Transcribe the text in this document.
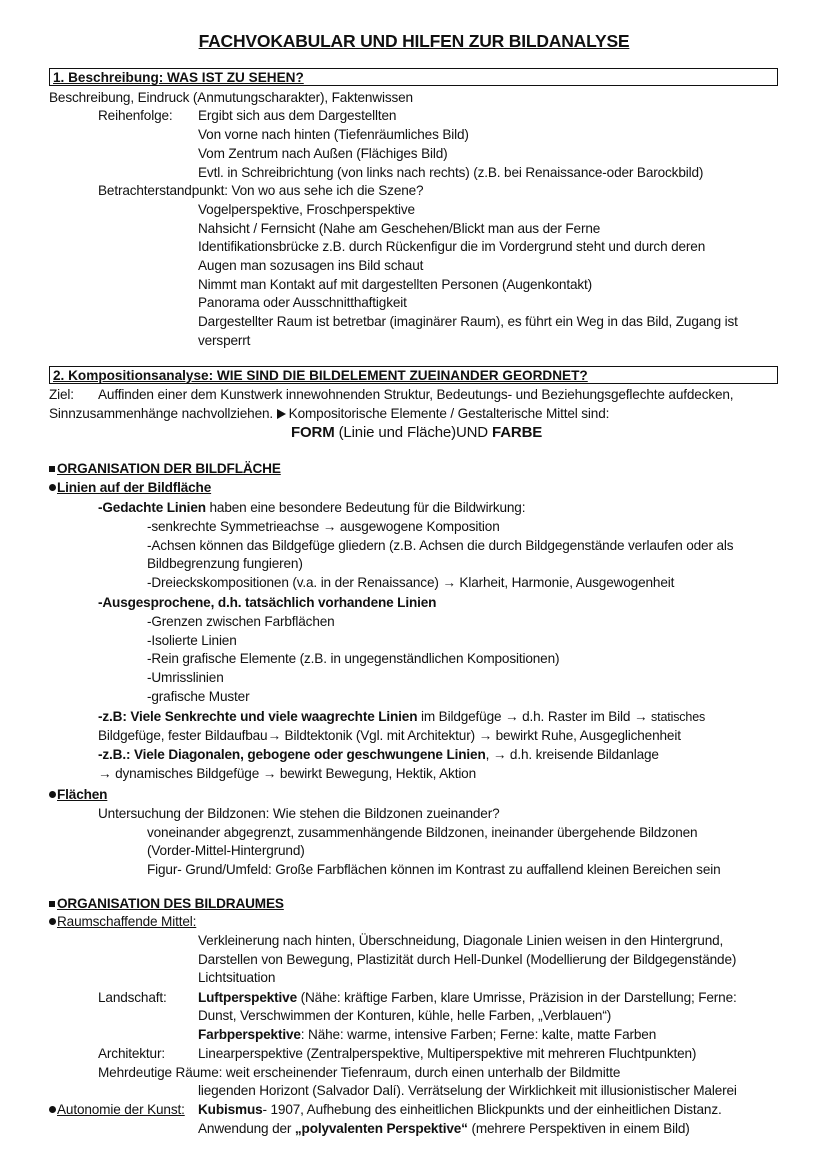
FACHVOKABULAR UND HILFEN ZUR BILDANALYSE
1. Beschreibung: WAS IST ZU SEHEN?
Beschreibung, Eindruck (Anmutungscharakter), Faktenwissen
Reihenfolge: Ergibt sich aus dem Dargestellten
Von vorne nach hinten (Tiefenräumliches Bild)
Vom Zentrum nach Außen (Flächiges Bild)
Evtl. in Schreibrichtung (von links nach rechts) (z.B. bei Renaissance-oder Barockbild)
Betrachterstandpunkt: Von wo aus sehe ich die Szene?
Vogelperspektive, Froschperspektive
Nahsicht / Fernsicht (Nahe am Geschehen/Blickt man aus der Ferne
Identifikationsbrücke z.B. durch Rückenfigur die im Vordergrund steht und durch deren
Augen man sozusagen ins Bild schaut
Nimmt man Kontakt auf mit dargestellten Personen (Augenkontakt)
Panorama oder Ausschnitthaftigkeit
Dargestellter Raum ist betretbar (imaginärer Raum), es führt ein Weg in das Bild, Zugang ist
versperrt
2. Kompositionsanalyse: WIE SIND DIE BILDELEMENT ZUEINANDER GEORDNET?
Ziel: Auffinden einer dem Kunstwerk innewohnenden Struktur, Bedeutungs- und Beziehungsgeflechte aufdecken,
Sinnzusammenhänge nachvollziehen. Kompositorische Elemente / Gestalterische Mittel sind:
FORM (Linie und Fläche)UND FARBE
ORGANISATION DER BILDFLÄCHE
Linien auf der Bildfläche
-Gedachte Linien haben eine besondere Bedeutung für die Bildwirkung:
-senkrechte Symmetrieachse → ausgewogene Komposition
-Achsen können das Bildgefüge gliedern (z.B. Achsen die durch Bildgegenstände verlaufen oder als
Bildbegrenzung fungieren)
-Dreieckskompositionen (v.a. in der Renaissance) → Klarheit, Harmonie, Ausgewogenheit
-Ausgesprochene, d.h. tatsächlich vorhandene Linien
-Grenzen zwischen Farbflächen
-Isolierte Linien
-Rein grafische Elemente (z.B. in ungegenständlichen Kompositionen)
-Umrisslinien
-grafische Muster
-z.B: Viele Senkrechte und viele waagrechte Linien im Bildgefüge → d.h. Raster im Bild → statisches
Bildgefüge, fester Bildaufbau→ Bildtektonik (Vgl. mit Architektur) → bewirkt Ruhe, Ausgeglichenheit
-z.B.: Viele Diagonalen, gebogene oder geschwungene Linien, → d.h. kreisende Bildanlage
→ dynamisches Bildgefüge → bewirkt Bewegung, Hektik, Aktion
Flächen
Untersuchung der Bildzonen: Wie stehen die Bildzonen zueinander?
voneinander abgegrenzt, zusammenhängende Bildzonen, ineinander übergehende Bildzonen
(Vorder-Mittel-Hintergrund)
Figur- Grund/Umfeld: Große Farbflächen können im Kontrast zu auffallend kleinen Bereichen sein
ORGANISATION DES BILDRAUMES
Raumschaffende Mittel:
Verkleinerung nach hinten, Überschneidung, Diagonale Linien weisen in den Hintergrund,
Darstellen von Bewegung, Plastizität durch Hell-Dunkel (Modellierung der Bildgegenstände)
Lichtsituation
Landschaft: Luftperspektive (Nähe: kräftige Farben, klare Umrisse, Präzision in der Darstellung; Ferne:
Dunst, Verschwimmen der Konturen, kühle, helle Farben, „Verblauen“)
Farbperspektive: Nähe: warme, intensive Farben; Ferne: kalte, matte Farben
Architektur: Linearperspektive (Zentralperspektive, Multiperspektive mit mehreren Fluchtpunkten)
Mehrdeutige Räume: weit erscheinender Tiefenraum, durch einen unterhalb der Bildmitte
liegenden Horizont (Salvador Dalí). Verrätselung der Wirklichkeit mit illusionistischer Malerei
Autonomie der Kunst: Kubismus- 1907, Aufhebung des einheitlichen Blickpunkts und der einheitlichen Distanz.
Anwendung der „polyvalenten Perspektive“ (mehrere Perspektiven in einem Bild)
